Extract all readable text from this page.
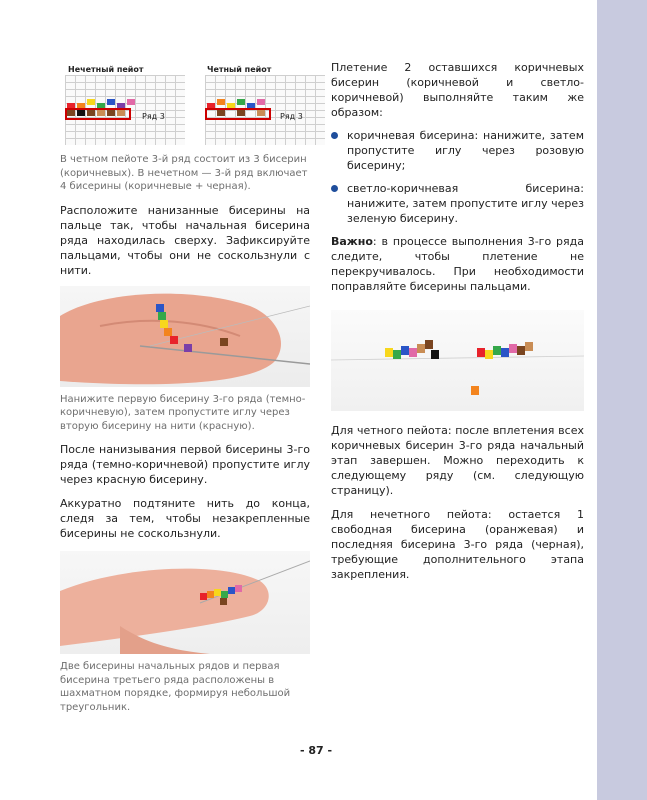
Нечетный пейот	Четный пейот
Ряд 3	Ряд 3

В четном пейоте 3-й ряд состоит из 3 бисерин (коричневых). В нечетном — 3-й ряд включает 4 бисерины (коричневые + черная).

Расположите нанизанные бисерины на пальце так, чтобы начальная бисерина ряда находилась сверху. Зафиксируйте пальцами, чтобы они не соскользнули с нити.

Нанижите первую бисерину 3-го ряда (темно-коричневую), затем пропустите иглу через вторую бисерину на нити (красную).

После нанизывания первой бисерины 3-го ряда (темно-коричневой) пропустите иглу через красную бисерину.

Аккуратно подтяните нить до конца, следя за тем, чтобы незакрепленные бисерины не соскользнули.

Две бисерины начальных рядов и первая бисерина третьего ряда расположены в шахматном порядке, формируя небольшой треугольник.

Плетение 2 оставшихся коричневых бисерин (коричневой и светло-коричневой) выполняйте таким же образом:

коричневая бисерина: нанижите, затем пропустите иглу через розовую бисерину;
светло-коричневая бисерина: нанижите, затем пропустите иглу через зеленую бисерину.

Важно: в процессе выполнения 3-го ряда следите, чтобы плетение не перекручивалось. При необходимости поправляйте бисерины пальцами.

Для четного пейота: после вплетения всех коричневых бисерин 3-го ряда начальный этап завершен. Можно переходить к следующему ряду (см. следующую страницу).

Для нечетного пейота: остается 1 свободная бисерина (оранжевая) и последняя бисерина 3-го ряда (черная), требующие дополнительного этапа закрепления.

- 87 -
PassionForum.ru
